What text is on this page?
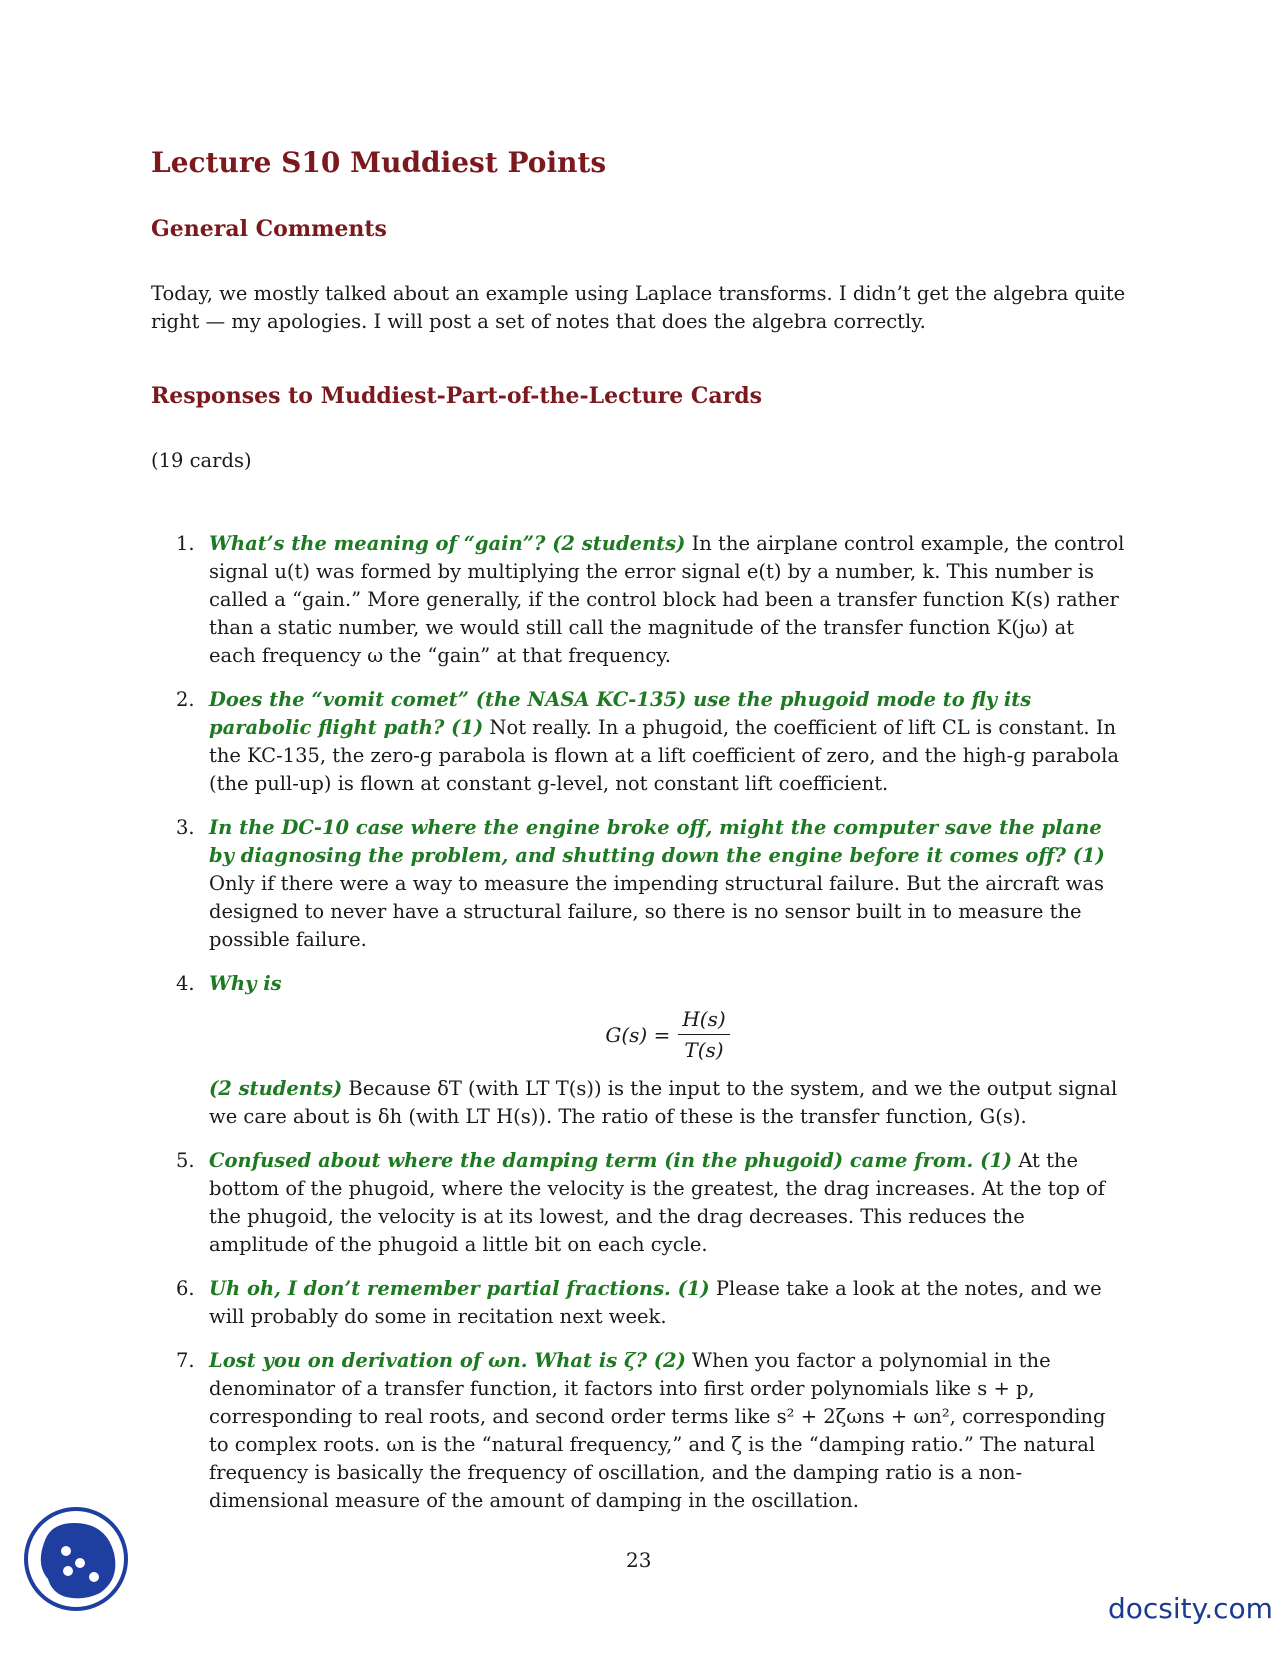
Lecture S10 Muddiest Points
General Comments

Today, we mostly talked about an example using Laplace transforms. I didn’t get the algebra quite right — my apologies. I will post a set of notes that does the algebra correctly.

Responses to Muddiest-Part-of-the-Lecture Cards

(19 cards)

1. What’s the meaning of “gain”? (2 students) In the airplane control example, the control signal u(t) was formed by multiplying the error signal e(t) by a number, k. This number is called a “gain.” More generally, if the control block had been a transfer function K(s) rather than a static number, we would still call the magnitude of the transfer function K(jω) at each frequency ω the “gain” at that frequency.
2. Does the “vomit comet” (the NASA KC-135) use the phugoid mode to fly its parabolic flight path? (1) Not really. In a phugoid, the coefficient of lift CL is constant. In the KC-135, the zero-g parabola is flown at a lift coefficient of zero, and the high-g parabola (the pull-up) is flown at constant g-level, not constant lift coefficient.
3. In the DC-10 case where the engine broke off, might the computer save the plane by diagnosing the problem, and shutting down the engine before it comes off? (1) Only if there were a way to measure the impending structural failure. But the aircraft was designed to never have a structural failure, so there is no sensor built in to measure the possible failure.
4. Why is
$G(s) = \frac{H(s)}{T(s)}$
(2 students) Because δT (with LT T(s)) is the input to the system, and we the output signal we care about is δh (with LT H(s)). The ratio of these is the transfer function, G(s).
5. Confused about where the damping term (in the phugoid) came from. (1) At the bottom of the phugoid, where the velocity is the greatest, the drag increases. At the top of the phugoid, the velocity is at its lowest, and the drag decreases. This reduces the amplitude of the phugoid a little bit on each cycle.
6. Uh oh, I don’t remember partial fractions. (1) Please take a look at the notes, and we will probably do some in recitation next week.
7. Lost you on derivation of ωn. What is ζ? (2) When you factor a polynomial in the denominator of a transfer function, it factors into first order polynomials like s + p, corresponding to real roots, and second order terms like s² + 2ζωns + ωn², corresponding to complex roots. ωn is the “natural frequency,” and ζ is the “damping ratio.” The natural frequency is basically the frequency of oscillation, and the damping ratio is a non-dimensional measure of the amount of damping in the oscillation.
23
docsity.com
